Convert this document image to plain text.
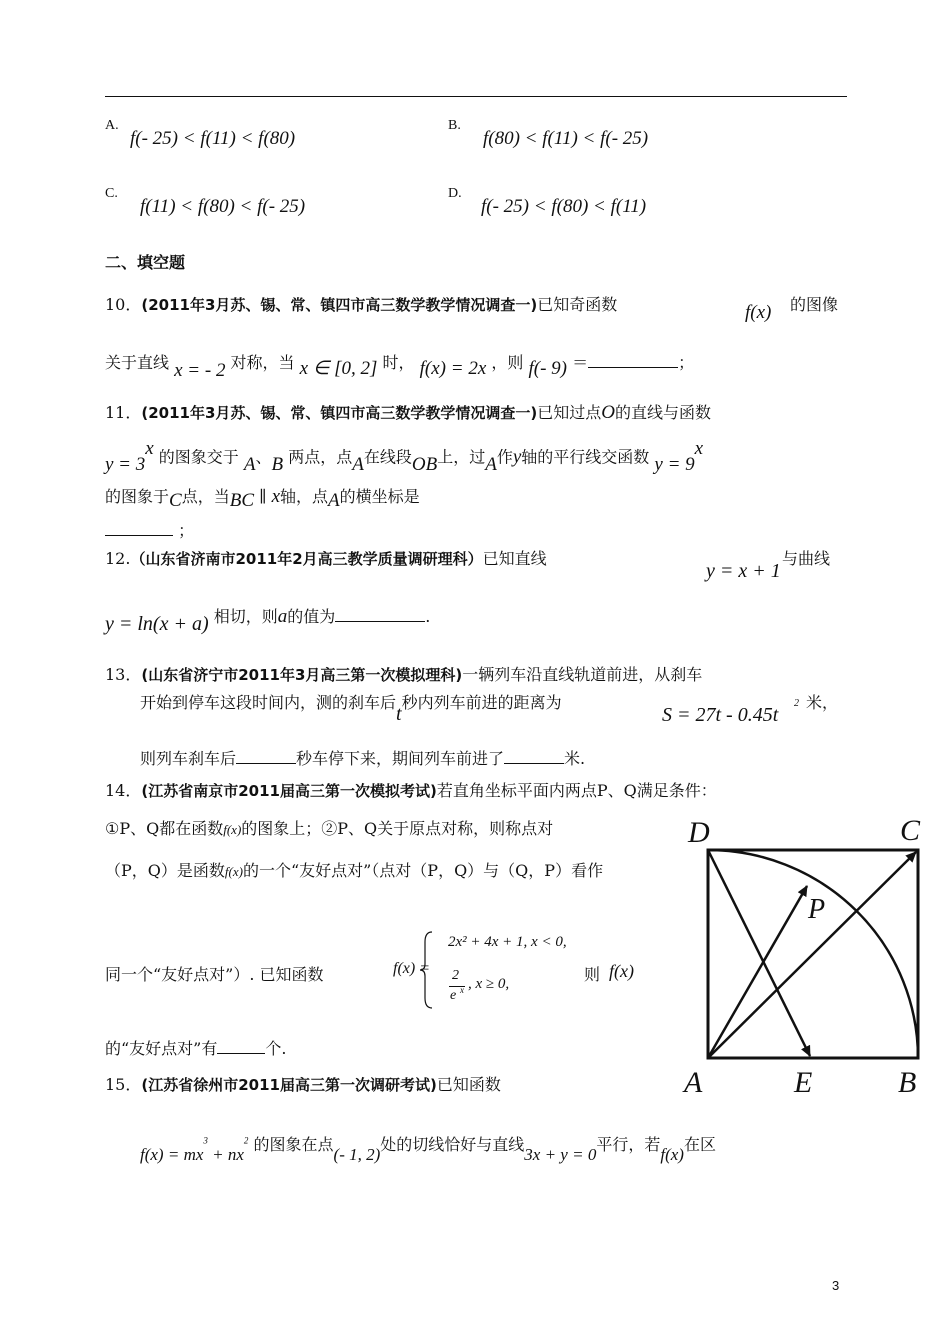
A.
f(- 25) < f(11) < f(80)
B.
f(80) < f(11) < f(- 25)
C.
f(11) < f(80) < f(- 25)
D.
f(- 25) < f(80) < f(11)
二、填空题
10．(2011年3月苏、锡、常、镇四市高三数学教学情况调查一)已知奇函数	f(x) 的图像
关于直线 x = - 2 对称，当 x ∈ [0, 2] 时， f(x) = 2x ，则 f(- 9) ＝	；
11．(2011年3月苏、锡、常、镇四市高三数学教学情况调查一)已知过点O的直线与函数
$y = 3^x$ 的图象交于 A、B 两点，点A在线段OB上，过A作y轴的平行线交函数 $y = 9^x$
的图象于C点，当BC ∥ x轴，点A的横坐标是
；
12.（山东省济南市2011年2月高三教学质量调研理科）已知直线
y = x + 1
与曲线
y = ln(x + a) 相切，则a的值为	.
13．(山东省济宁市2011年3月高三第一次模拟理科)一辆列车沿直线轨道前进，从刹车
开始到停车这段时间内，测的刹车后t秒内列车前进的距离为
S = 27t - 0.45t
2 米，
则列车刹车后	秒车停下来，期间列车前进了	米.
14．(江苏省南京市2011届高三第一次模拟考试)若直角坐标平面内两点P、Q满足条件：
①P、Q都在函数f(x)的图象上；②P、Q关于原点对称，则称点对
（P，Q）是函数f(x)的一个“友好点对”（点对（P，Q）与（Q，P）看作
同一个“友好点对”）. 已知函数	f(x) =
2x² + 4x + 1, x < 0,
2
e x , x ≥ 0,	则 f(x)
的“友好点对”有	个.
15．(江苏省徐州市2011届高三第一次调研考试)已知函数
$f(x) = mx^3 + nx^2$ 的图象在点(- 1, 2)处的切线恰好与直线3x + y = 0平行，若f(x)在区
D	C
P
A	E	B
3
